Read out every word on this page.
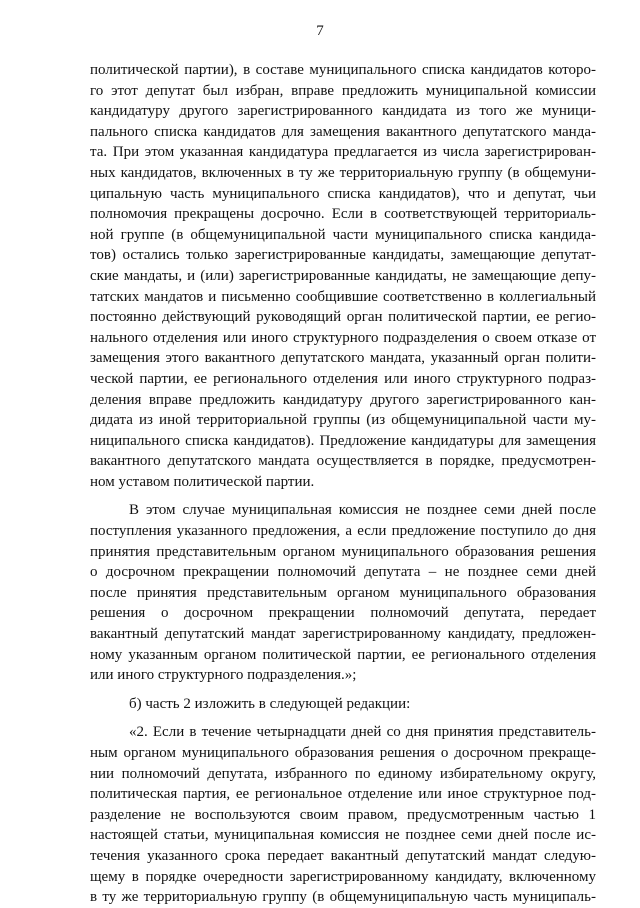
7
политической партии), в составе муниципального списка кандидатов которо-
го этот депутат был избран, вправе предложить муниципальной комиссии
кандидатуру другого зарегистрированного кандидата из того же муници-
пального списка кандидатов для замещения вакантного депутатского манда-
та. При этом указанная кандидатура предлагается из числа зарегистрирован-
ных кандидатов, включенных в ту же территориальную группу (в общемуни-
ципальную часть муниципального списка кандидатов), что и депутат, чьи
полномочия прекращены досрочно. Если в соответствующей территориаль-
ной группе (в общемуниципальной части муниципального списка кандида-
тов) остались только зарегистрированные кандидаты, замещающие депутат-
ские мандаты, и (или) зарегистрированные кандидаты, не замещающие депу-
татских мандатов и письменно сообщившие соответственно в коллегиальный
постоянно действующий руководящий орган политической партии, ее регио-
нального отделения или иного структурного подразделения о своем отказе от
замещения этого вакантного депутатского мандата, указанный орган полити-
ческой партии, ее регионального отделения или иного структурного подраз-
деления вправе предложить кандидатуру другого зарегистрированного кан-
дидата из иной территориальной группы (из общемуниципальной части му-
ниципального списка кандидатов). Предложение кандидатуры для замещения
вакантного депутатского мандата осуществляется в порядке, предусмотрен-
ном уставом политической партии.
В этом случае муниципальная комиссия не позднее семи дней после
поступления указанного предложения, а если предложение поступило до дня
принятия представительным органом муниципального образования решения
о досрочном прекращении полномочий депутата – не позднее семи дней
после принятия представительным органом муниципального образования
решения о досрочном прекращении полномочий депутата, передает
вакантный депутатский мандат зарегистрированному кандидату, предложен-
ному указанным органом политической партии, ее регионального отделения
или иного структурного подразделения.»;
б) часть 2 изложить в следующей редакции:
«2. Если в течение четырнадцати дней со дня принятия представитель-
ным органом муниципального образования решения о досрочном прекраще-
нии полномочий депутата, избранного по единому избирательному округу,
политическая партия, ее региональное отделение или иное структурное под-
разделение не воспользуются своим правом, предусмотренным частью 1
настоящей статьи, муниципальная комиссия не позднее семи дней после ис-
течения указанного срока передает вакантный депутатский мандат следую-
щему в порядке очередности зарегистрированному кандидату, включенному
в ту же территориальную группу (в общемуниципальную часть муниципаль-
